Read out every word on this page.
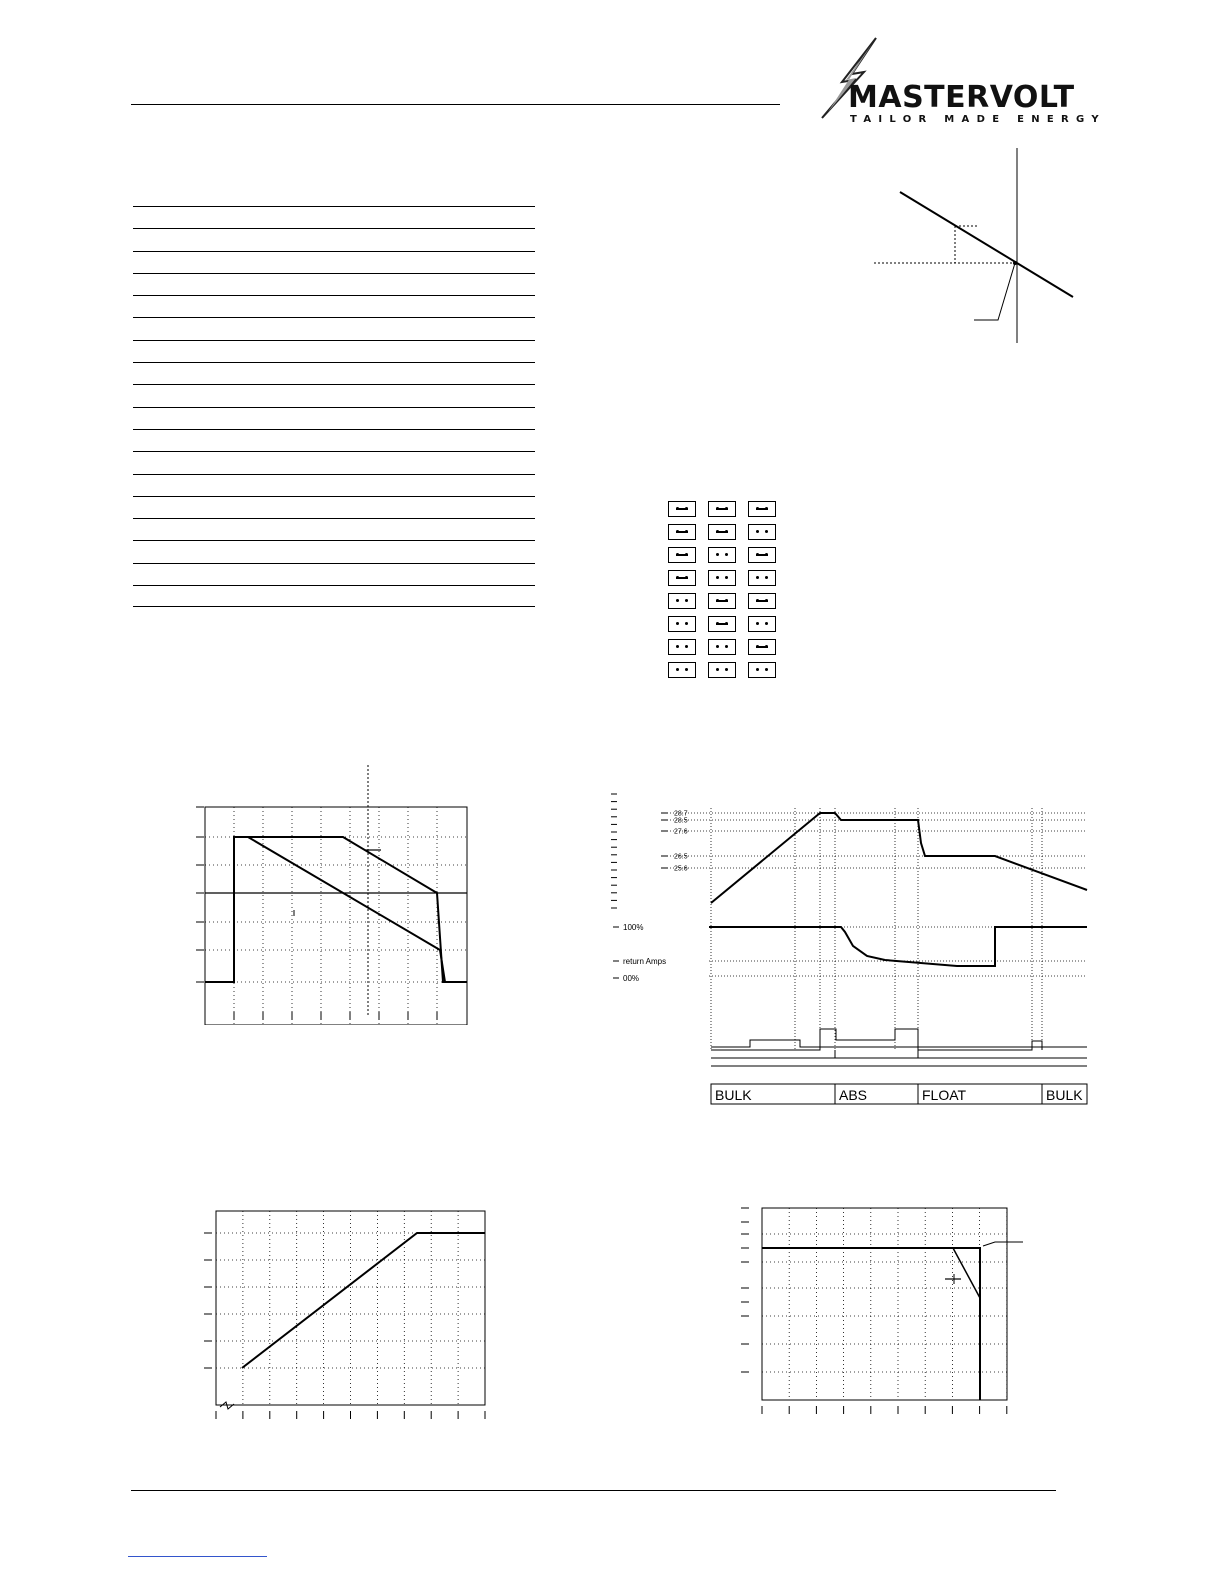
MASTERVOLT
TAILOR MADE ENERGY
28.7
28.5
27.6
26.5
25.6
100%
return Amps
00%
BULK	ABS	FLOAT	BULK
